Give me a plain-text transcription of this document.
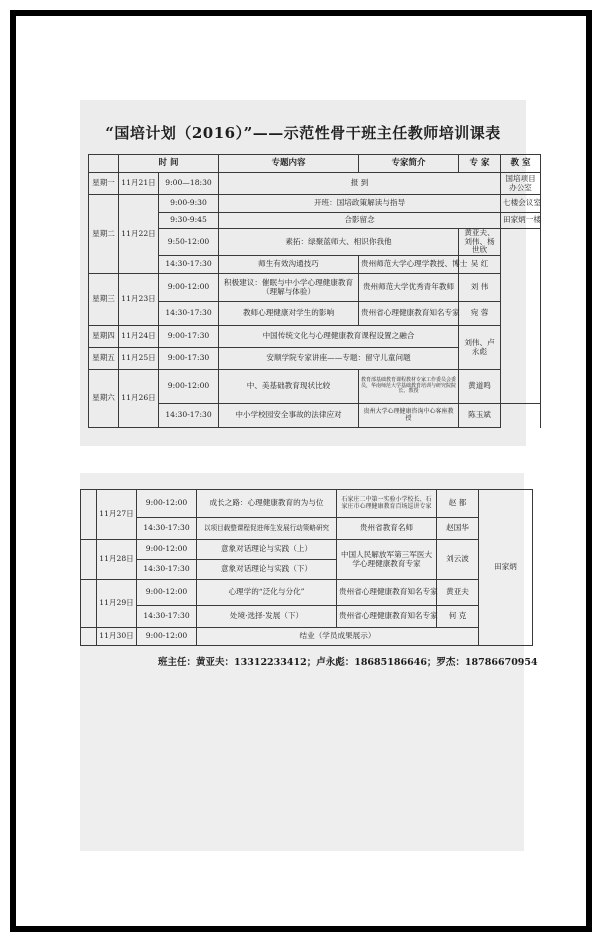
“国培计划（2016）”——示范性骨干班主任教师培训课表
	时 间		专题内容	专家简介	专 家	教 室	
星期一	11月21日	9:00—18:30	报 到			国培项目办公室	
星期二	11月22日	9:00-9:30	开班：国培政策解读与指导			七楼会议室	
		9:30-9:45	合影留念			田家炳一楼	
		9:50-12:00	素拓：绿聚蓝师大、相识你我他		黄亚夫、刘伟、杨世欣		
		14:30-17:30	师生有效沟通技巧	贵州师范大学心理学教授、博士	吴 红		
星期三	11月23日	9:00-12:00	积极建议：催眠与中小学心理健康教育（理解与体验）	贵州师范大学优秀青年教师	刘 伟		
		14:30-17:30	教师心理健康对学生的影响	贵州省心理健康教育知名专家	宛 蓉		
星期四	11月24日	9:00-17:30	中国传统文化与心理健康教育课程设置之融合		刘伟、卢永彪		
星期五	11月25日	9:00-17:30	安顺学院专家讲座——专题：留守儿童问题				
星期六	11月26日	9:00-12:00	中、美基础教育现状比较	教育部基础教育课程教材专家工作委员会委员，华南师范大学基础教育培训与研究院院长、教授	黄道鸣	
		14:30-17:30	中小学校园安全事故的法律应对	贵州大学心理健康咨询中心客座教授	陈玉斌		
	11月27日	9:00-12:00	成长之路：心理健康教育的为与位	石家庄二中第一实验小学校长、石家庄市心理健康教育百场巡讲专家	赵 都	田家炳
		14:30-17:30	以项目载整课程促进师生发展行动策略研究	贵州省教育名师	赵国华	
	11月28日	9:00-12:00	意象对话理论与实践（上）	中国人民解放军第三军医大学心理健康教育专家	刘云波	
		14:30-17:30	意象对话理论与实践（下）			
	11月29日	9:00-12:00	心理学的“泛化与分化”	贵州省心理健康教育知名专家	黄亚夫	
		14:30-17:30	处境·选择·发展（下）	贵州省心理健康教育知名专家	何 克	
	11月30日	9:00-12:00	结业（学员成果展示）			
班主任：黄亚夫：13312233412；卢永彪：18685186646；罗杰：18786670954
